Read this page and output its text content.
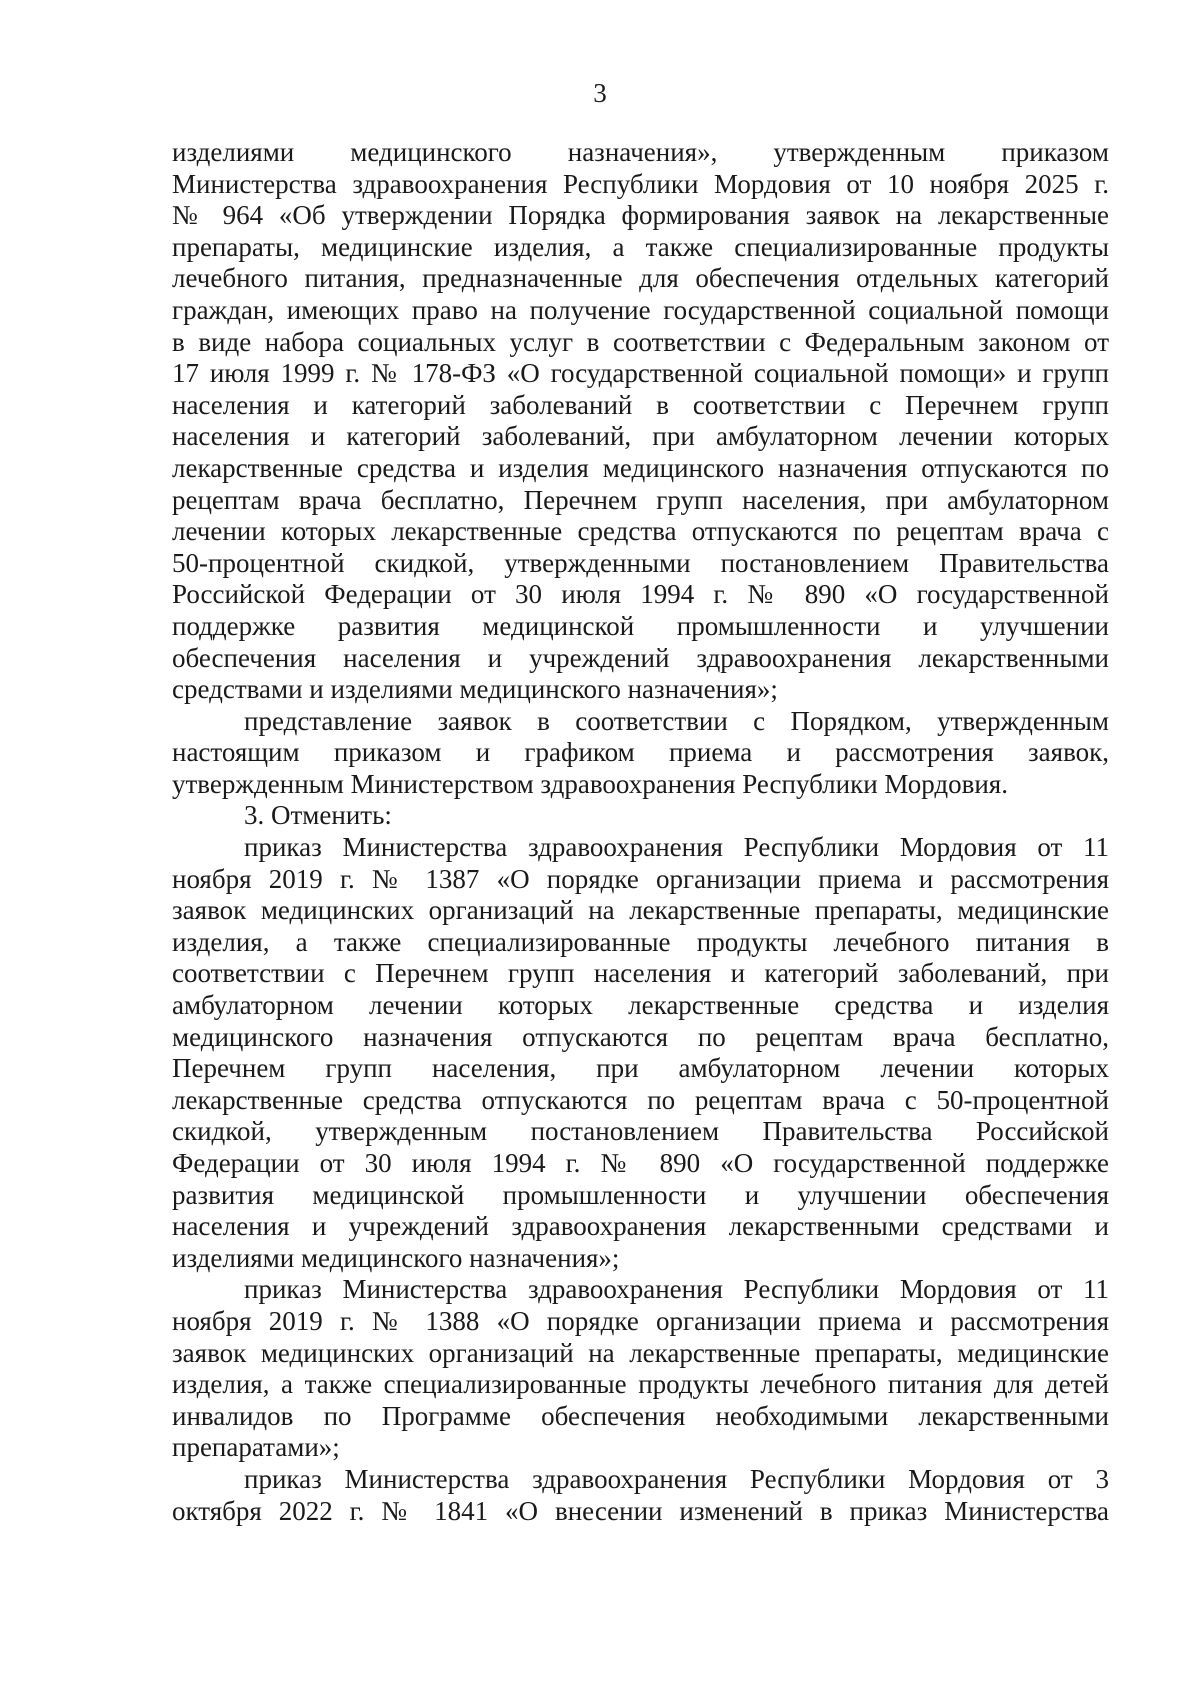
3
изделиями медицинского назначения», утвержденным приказом
Министерства здравоохранения Республики Мордовия от 10 ноября 2025 г.
№ 964 «Об утверждении Порядка формирования заявок на лекарственные
препараты, медицинские изделия, а также специализированные продукты
лечебного питания, предназначенные для обеспечения отдельных категорий
граждан, имеющих право на получение государственной социальной помощи
в виде набора социальных услуг в соответствии с Федеральным законом от
17 июля 1999 г. № 178-ФЗ «О государственной социальной помощи» и групп
населения и категорий заболеваний в соответствии с Перечнем групп
населения и категорий заболеваний, при амбулаторном лечении которых
лекарственные средства и изделия медицинского назначения отпускаются по
рецептам врача бесплатно, Перечнем групп населения, при амбулаторном
лечении которых лекарственные средства отпускаются по рецептам врача с
50-процентной скидкой, утвержденными постановлением Правительства
Российской Федерации от 30 июля 1994 г. № 890 «О государственной
поддержке развития медицинской промышленности и улучшении
обеспечения населения и учреждений здравоохранения лекарственными
средствами и изделиями медицинского назначения»;
представление заявок в соответствии с Порядком, утвержденным
настоящим приказом и графиком приема и рассмотрения заявок,
утвержденным Министерством здравоохранения Республики Мордовия.
3. Отменить:
приказ Министерства здравоохранения Республики Мордовия от 11
ноября 2019 г. № 1387 «О порядке организации приема и рассмотрения
заявок медицинских организаций на лекарственные препараты, медицинские
изделия, а также специализированные продукты лечебного питания в
соответствии с Перечнем групп населения и категорий заболеваний, при
амбулаторном лечении которых лекарственные средства и изделия
медицинского назначения отпускаются по рецептам врача бесплатно,
Перечнем групп населения, при амбулаторном лечении которых
лекарственные средства отпускаются по рецептам врача с 50-процентной
скидкой, утвержденным постановлением Правительства Российской
Федерации от 30 июля 1994 г. № 890 «О государственной поддержке
развития медицинской промышленности и улучшении обеспечения
населения и учреждений здравоохранения лекарственными средствами и
изделиями медицинского назначения»;
приказ Министерства здравоохранения Республики Мордовия от 11
ноября 2019 г. № 1388 «О порядке организации приема и рассмотрения
заявок медицинских организаций на лекарственные препараты, медицинские
изделия, а также специализированные продукты лечебного питания для детей
инвалидов по Программе обеспечения необходимыми лекарственными
препаратами»;
приказ Министерства здравоохранения Республики Мордовия от 3
октября 2022 г. № 1841 «О внесении изменений в приказ Министерства
